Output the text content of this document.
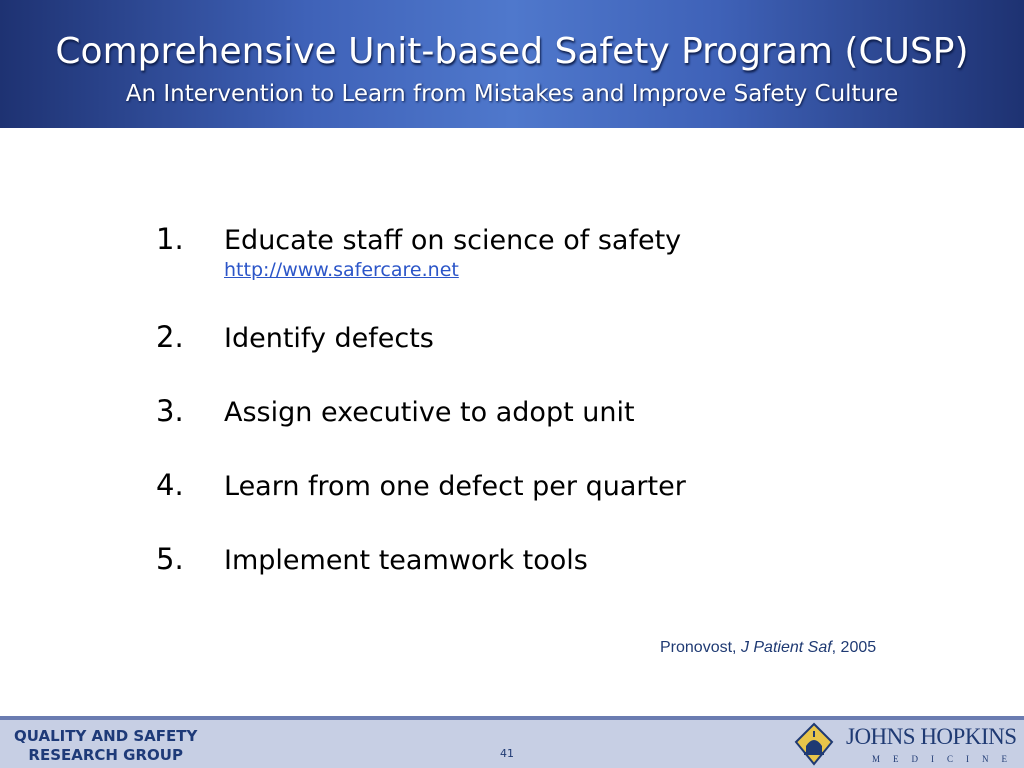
Comprehensive Unit-based Safety Program (CUSP)
An Intervention to Learn from Mistakes and Improve Safety Culture
1.	Educate staff on science of safety
http://www.safercare.net
2.	Identify defects
3.	Assign executive to adopt unit
4.	Learn from one defect per quarter
5.	Implement teamwork tools
Pronovost, J Patient Saf, 2005
QUALITY AND SAFETY
RESEARCH GROUP	41
JOHNS HOPKINS
MEDICINE
